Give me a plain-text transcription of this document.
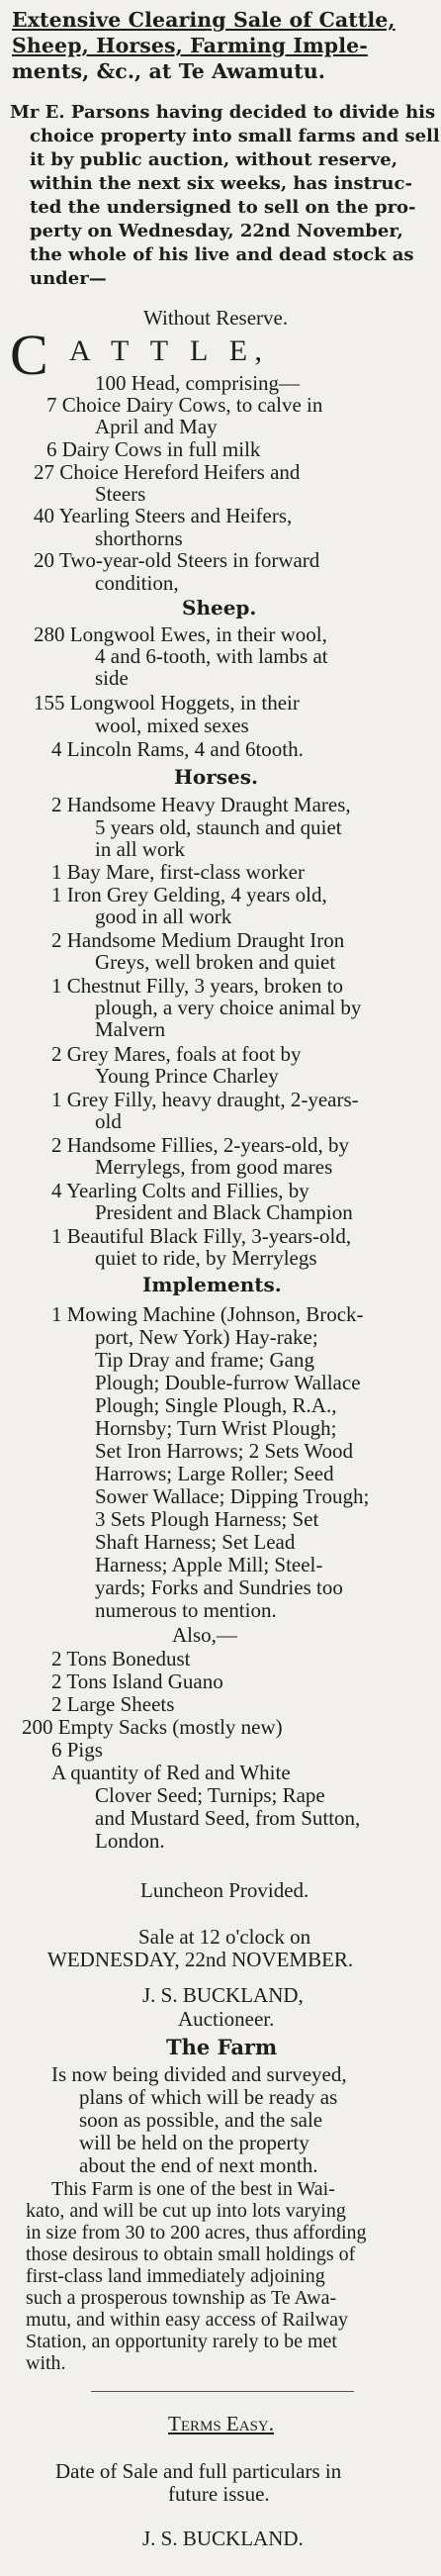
Extensive Clearing Sale of Cattle,
Sheep, Horses, Farming Imple-
ments, &c., at Te Awamutu.
Mr E. Parsons having decided to divide his
choice property into small farms and sell
it by public auction, without reserve,
within the next six weeks, has instruc-
ted the undersigned to sell on the pro-
perty on Wednesday, 22nd November,
the whole of his live and dead stock as
under—
Without Reserve.
C A T T L E,
100 Head, comprising—
7 Choice Dairy Cows, to calve in
April and May
6 Dairy Cows in full milk
27 Choice Hereford Heifers and
Steers
40 Yearling Steers and Heifers,
shorthorns
20 Two-year-old Steers in forward
condition,
Sheep.
280 Longwool Ewes, in their wool,
4 and 6-tooth, with lambs at
side
155 Longwool Hoggets, in their
wool, mixed sexes
4 Lincoln Rams, 4 and 6tooth.
Horses.
2 Handsome Heavy Draught Mares,
5 years old, staunch and quiet
in all work
1 Bay Mare, first-class worker
1 Iron Grey Gelding, 4 years old,
good in all work
2 Handsome Medium Draught Iron
Greys, well broken and quiet
1 Chestnut Filly, 3 years, broken to
plough, a very choice animal by
Malvern
2 Grey Mares, foals at foot by
Young Prince Charley
1 Grey Filly, heavy draught, 2-years-
old
2 Handsome Fillies, 2-years-old, by
Merrylegs, from good mares
4 Yearling Colts and Fillies, by
President and Black Champion
1 Beautiful Black Filly, 3-years-old,
quiet to ride, by Merrylegs
Implements.
1 Mowing Machine (Johnson, Brock-
port, New York) Hay-rake;
Tip Dray and frame; Gang
Plough; Double-furrow Wallace
Plough; Single Plough, R.A.,
Hornsby; Turn Wrist Plough;
Set Iron Harrows; 2 Sets Wood
Harrows; Large Roller; Seed
Sower Wallace; Dipping Trough;
3 Sets Plough Harness; Set
Shaft Harness; Set Lead
Harness; Apple Mill; Steel-
yards; Forks and Sundries too
numerous to mention.
Also,—
2 Tons Bonedust
2 Tons Island Guano
2 Large Sheets
200 Empty Sacks (mostly new)
6 Pigs
A quantity of Red and White
Clover Seed; Turnips; Rape
and Mustard Seed, from Sutton,
London.
Luncheon Provided.
Sale at 12 o'clock on
WEDNESDAY, 22nd NOVEMBER.
J. S. BUCKLAND,
Auctioneer.
The Farm
Is now being divided and surveyed,
plans of which will be ready as
soon as possible, and the sale
will be held on the property
about the end of next month.
This Farm is one of the best in Wai-
kato, and will be cut up into lots varying
in size from 30 to 200 acres, thus affording
those desirous to obtain small holdings of
first-class land immediately adjoining
such a prosperous township as Te Awa-
mutu, and within easy access of Railway
Station, an opportunity rarely to be met
with.
Terms Easy.
Date of Sale and full particulars in
future issue.
J. S. BUCKLAND.
